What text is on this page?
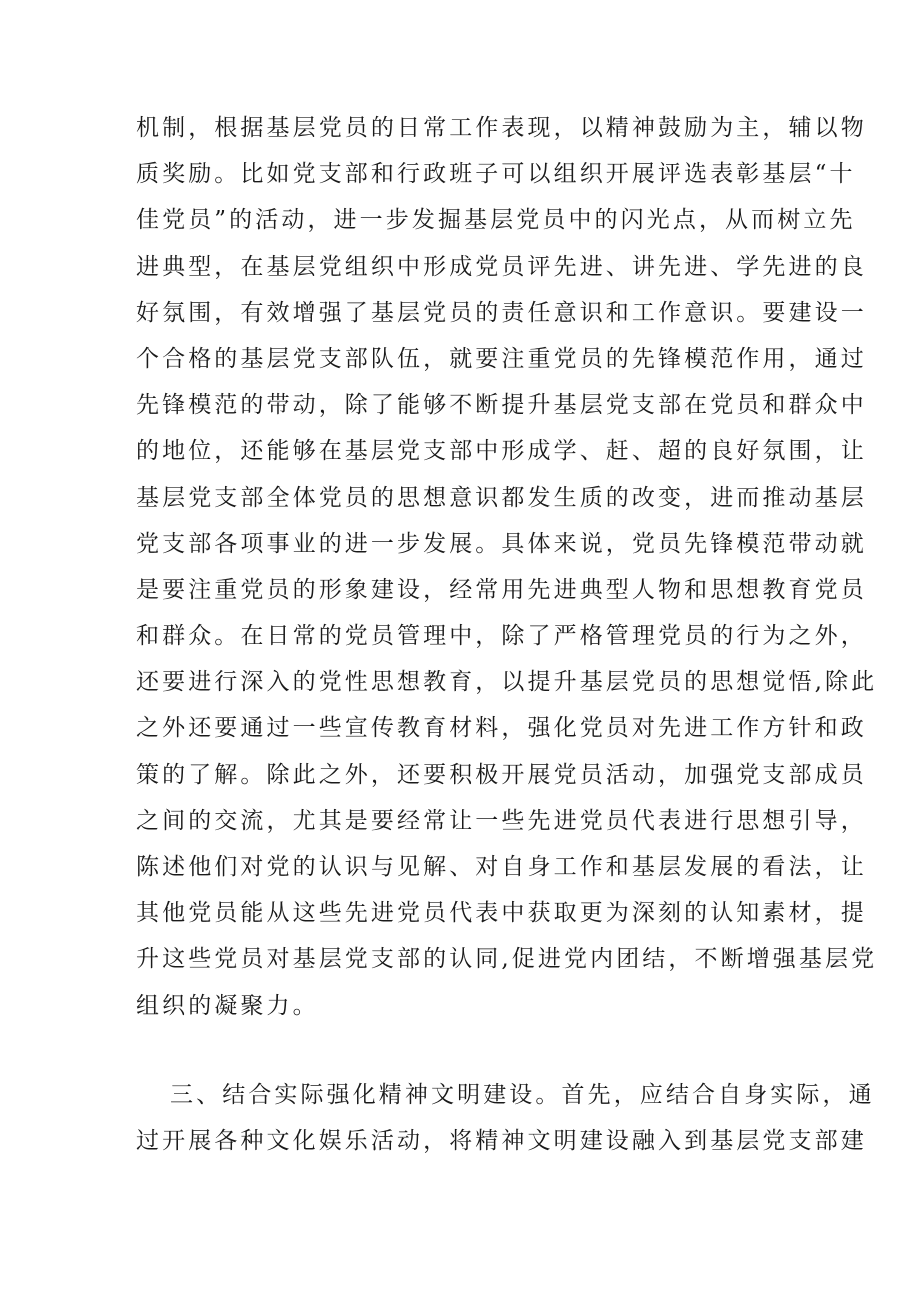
机制，根据基层党员的日常工作表现，以精神鼓励为主，辅以物
质奖励。比如党支部和行政班子可以组织开展评选表彰基层“十
佳党员”的活动，进一步发掘基层党员中的闪光点，从而树立先
进典型，在基层党组织中形成党员评先进、讲先进、学先进的良
好氛围，有效增强了基层党员的责任意识和工作意识。要建设一
个合格的基层党支部队伍，就要注重党员的先锋模范作用，通过
先锋模范的带动，除了能够不断提升基层党支部在党员和群众中
的地位，还能够在基层党支部中形成学、赶、超的良好氛围，让
基层党支部全体党员的思想意识都发生质的改变，进而推动基层
党支部各项事业的进一步发展。具体来说，党员先锋模范带动就
是要注重党员的形象建设，经常用先进典型人物和思想教育党员
和群众。在日常的党员管理中，除了严格管理党员的行为之外，
还要进行深入的党性思想教育，以提升基层党员的思想觉悟,除此
之外还要通过一些宣传教育材料，强化党员对先进工作方针和政
策的了解。除此之外，还要积极开展党员活动，加强党支部成员
之间的交流，尤其是要经常让一些先进党员代表进行思想引导，
陈述他们对党的认识与见解、对自身工作和基层发展的看法，让
其他党员能从这些先进党员代表中获取更为深刻的认知素材，提
升这些党员对基层党支部的认同,促进党内团结，不断增强基层党
组织的凝聚力。
三、结合实际强化精神文明建设。首先，应结合自身实际，通
过开展各种文化娱乐活动，将精神文明建设融入到基层党支部建
